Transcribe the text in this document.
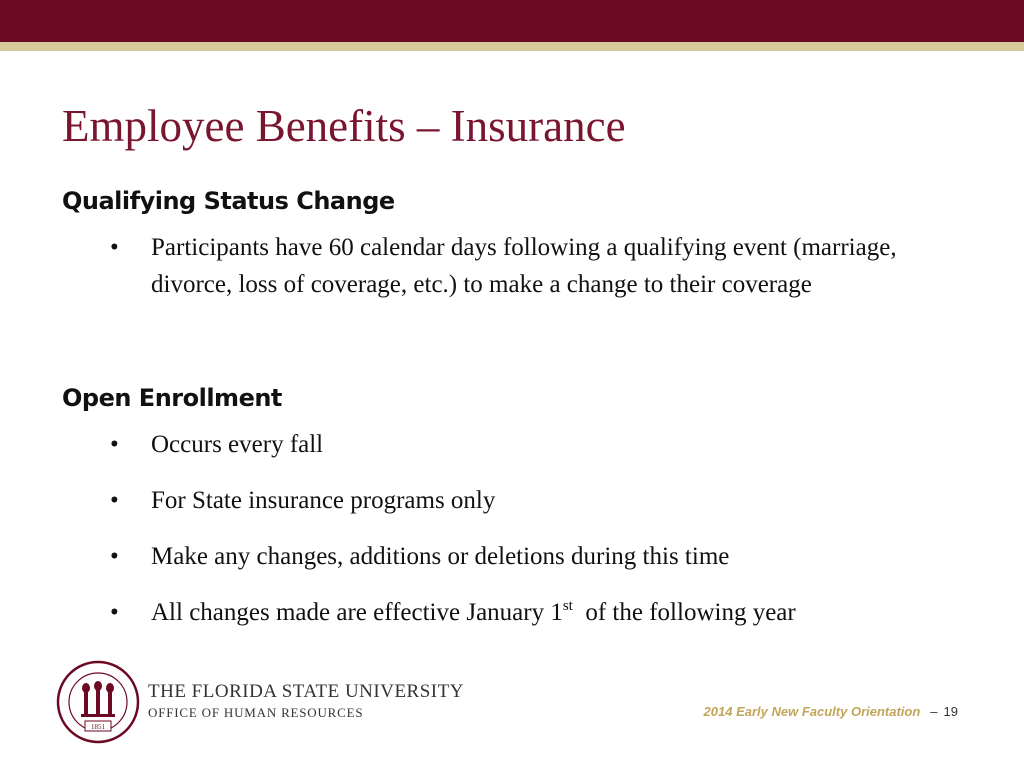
Employee Benefits – Insurance
Qualifying Status Change
• Participants have 60 calendar days following a qualifying event (marriage, divorce, loss of coverage, etc.) to make a change to their coverage
Open Enrollment
• Occurs every fall
• For State insurance programs only
• Make any changes, additions or deletions during this time
• All changes made are effective January 1st  of the following year
1851

THE FLORIDA STATE UNIVERSITY

OFFICE OF HUMAN RESOURCES	2014 Early New Faculty Orientation – 19
